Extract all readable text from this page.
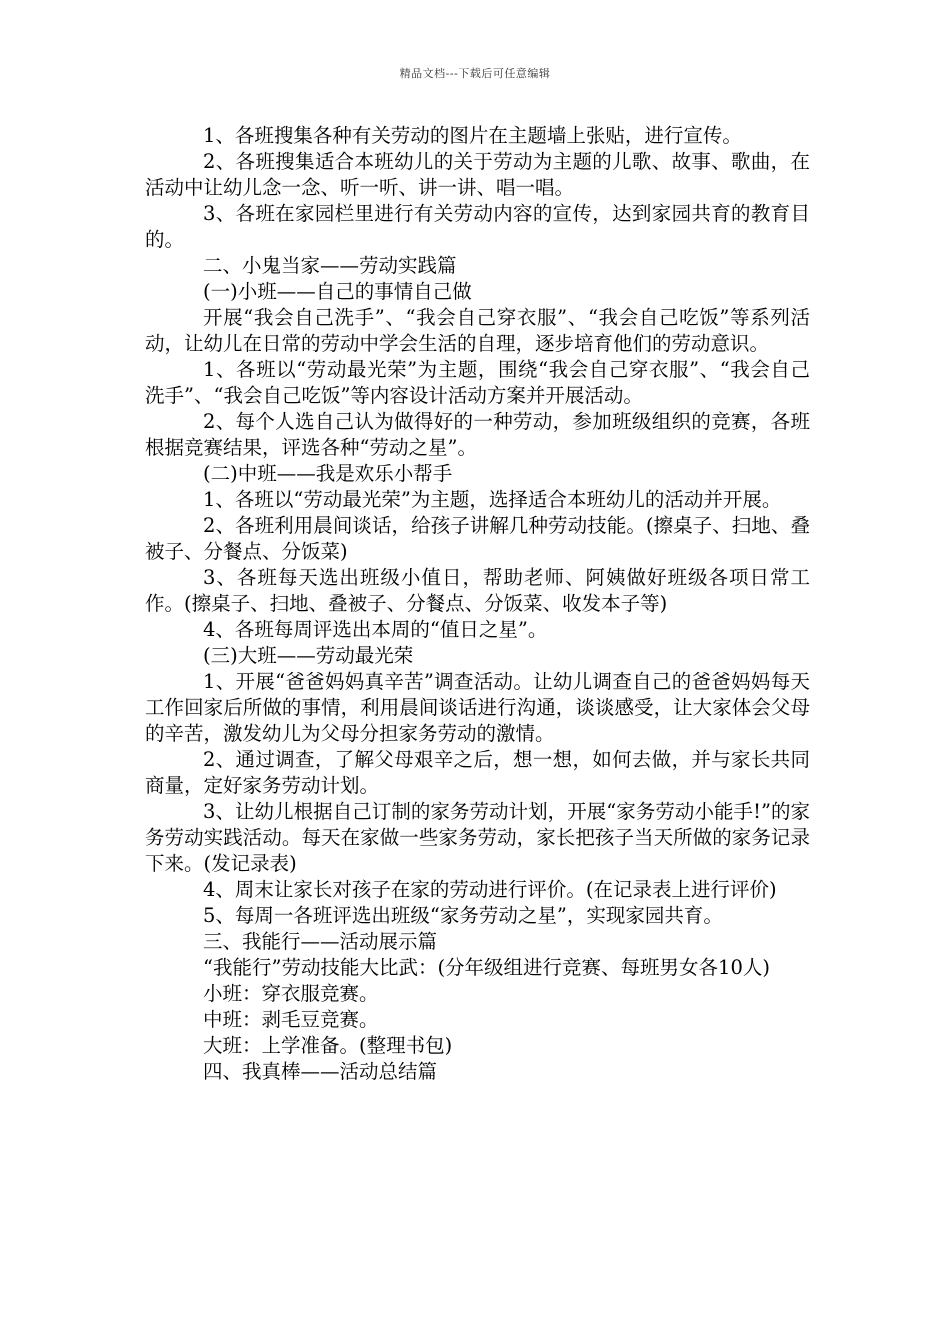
精品文档---下载后可任意编辑

1、各班搜集各种有关劳动的图片在主题墙上张贴，进行宣传。

2、各班搜集适合本班幼儿的关于劳动为主题的儿歌、故事、歌曲，在活动中让幼儿念一念、听一听、讲一讲、唱一唱。

3、各班在家园栏里进行有关劳动内容的宣传，达到家园共育的教育目的。

二、小鬼当家——劳动实践篇

(一)小班——自己的事情自己做

开展“我会自己洗手”、“我会自己穿衣服”、“我会自己吃饭”等系列活动，让幼儿在日常的劳动中学会生活的自理，逐步培育他们的劳动意识。

1、各班以“劳动最光荣”为主题，围绕“我会自己穿衣服”、“我会自己洗手”、“我会自己吃饭”等内容设计活动方案并开展活动。

2、每个人选自己认为做得好的一种劳动，参加班级组织的竞赛，各班根据竞赛结果，评选各种“劳动之星”。

(二)中班——我是欢乐小帮手

1、各班以“劳动最光荣”为主题，选择适合本班幼儿的活动并开展。

2、各班利用晨间谈话，给孩子讲解几种劳动技能。(擦桌子、扫地、叠被子、分餐点、分饭菜)

3、各班每天选出班级小值日，帮助老师、阿姨做好班级各项日常工作。(擦桌子、扫地、叠被子、分餐点、分饭菜、收发本子等)

4、各班每周评选出本周的“值日之星”。

(三)大班——劳动最光荣

1、开展“爸爸妈妈真辛苦”调查活动。让幼儿调查自己的爸爸妈妈每天工作回家后所做的事情，利用晨间谈话进行沟通，谈谈感受，让大家体会父母的辛苦，激发幼儿为父母分担家务劳动的激情。

2、通过调查，了解父母艰辛之后，想一想，如何去做，并与家长共同商量，定好家务劳动计划。

3、让幼儿根据自己订制的家务劳动计划，开展“家务劳动小能手!”的家务劳动实践活动。每天在家做一些家务劳动，家长把孩子当天所做的家务记录下来。(发记录表)

4、周末让家长对孩子在家的劳动进行评价。(在记录表上进行评价)

5、每周一各班评选出班级“家务劳动之星”，实现家园共育。

三、我能行——活动展示篇

“我能行”劳动技能大比武：(分年级组进行竞赛、每班男女各10人)

小班：穿衣服竞赛。

中班：剥毛豆竞赛。

大班：上学准备。(整理书包)

四、我真棒——活动总结篇
